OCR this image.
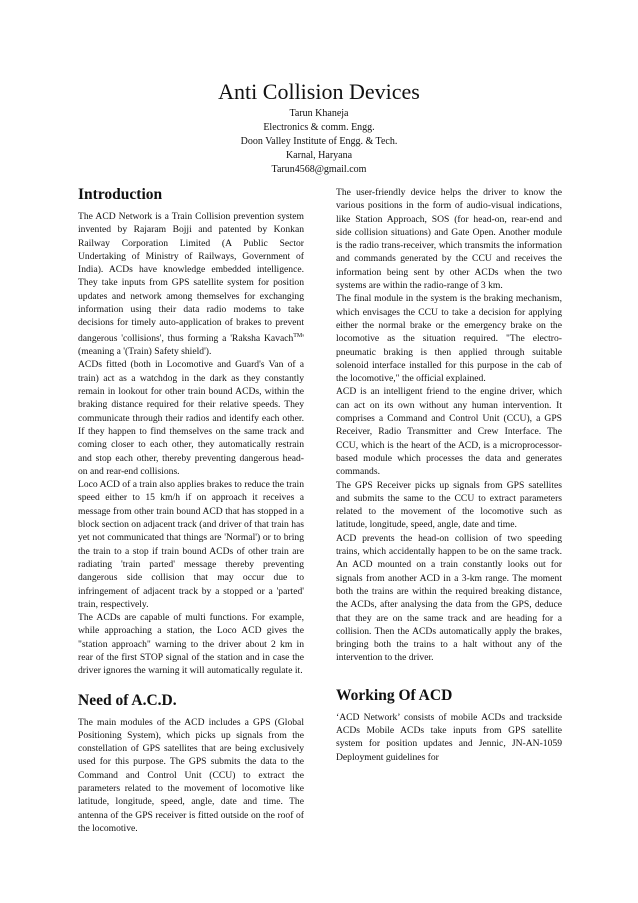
Anti Collision Devices
Tarun Khaneja
Electronics & comm. Engg.
Doon Valley Institute of Engg. & Tech.
Karnal, Haryana
Tarun4568@gmail.com
Introduction

The ACD Network is a Train Collision prevention system invented by Rajaram Bojji and patented by Konkan Railway Corporation Limited (A Public Sector Undertaking of Ministry of Railways, Government of India). ACDs have knowledge embedded intelligence. They take inputs from GPS satellite system for position updates and network among themselves for exchanging information using their data radio modems to take decisions for timely auto-application of brakes to prevent dangerous 'collisions', thus forming a 'Raksha Kavach™' (meaning a '(Train) Safety shield').

ACDs fitted (both in Locomotive and Guard's Van of a train) act as a watchdog in the dark as they constantly remain in lookout for other train bound ACDs, within the braking distance required for their relative speeds. They communicate through their radios and identify each other. If they happen to find themselves on the same track and coming closer to each other, they automatically restrain and stop each other, thereby preventing dangerous head-on and rear-end collisions.

Loco ACD of a train also applies brakes to reduce the train speed either to 15 km/h if on approach it receives a message from other train bound ACD that has stopped in a block section on adjacent track (and driver of that train has yet not communicated that things are 'Normal') or to bring the train to a stop if train bound ACDs of other train are radiating 'train parted' message thereby preventing dangerous side collision that may occur due to infringement of adjacent track by a stopped or a 'parted' train, respectively.

The ACDs are capable of multi functions. For example, while approaching a station, the Loco ACD gives the "station approach" warning to the driver about 2 km in rear of the first STOP signal of the station and in case the driver ignores the warning it will automatically regulate it.

Need of A.C.D.

The main modules of the ACD includes a GPS (Global Positioning System), which picks up signals from the constellation of GPS satellites that are being exclusively used for this purpose. The GPS submits the data to the Command and Control Unit (CCU) to extract the parameters related to the movement of locomotive like latitude, longitude, speed, angle, date and time. The antenna of the GPS receiver is fitted outside on the roof of the locomotive.

The user-friendly device helps the driver to know the various positions in the form of audio-visual indications, like Station Approach, SOS (for head-on, rear-end and side collision situations) and Gate Open. Another module is the radio trans-receiver, which transmits the information and commands generated by the CCU and receives the information being sent by other ACDs when the two systems are within the radio-range of 3 km.

The final module in the system is the braking mechanism, which envisages the CCU to take a decision for applying either the normal brake or the emergency brake on the locomotive as the situation required. "The electro-pneumatic braking is then applied through suitable solenoid interface installed for this purpose in the cab of the locomotive," the official explained.

ACD is an intelligent friend to the engine driver, which can act on its own without any human intervention. It comprises a Command and Control Unit (CCU), a GPS Receiver, Radio Transmitter and Crew Interface. The CCU, which is the heart of the ACD, is a microprocessor-based module which processes the data and generates commands.

The GPS Receiver picks up signals from GPS satellites and submits the same to the CCU to extract parameters related to the movement of the locomotive such as latitude, longitude, speed, angle, date and time.

ACD prevents the head-on collision of two speeding trains, which accidentally happen to be on the same track. An ACD mounted on a train constantly looks out for signals from another ACD in a 3-km range. The moment both the trains are within the required breaking distance, the ACDs, after analysing the data from the GPS, deduce that they are on the same track and are heading for a collision. Then the ACDs automatically apply the brakes, bringing both the trains to a halt without any of the intervention to the driver.

Working Of ACD

‘ACD Network’ consists of mobile ACDs and trackside ACDs Mobile ACDs take inputs from GPS satellite system for position updates and Jennic, JN-AN-1059 Deployment guidelines for
